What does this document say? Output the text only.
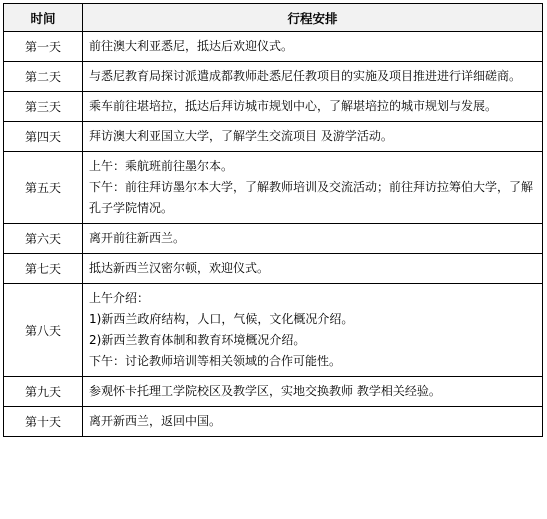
时间	行程安排
第一天	前往澳大利亚悉尼，抵达后欢迎仪式。

第二天	与悉尼教育局探讨派遣成都教师赴悉尼任教项目的实施及项目推进进行详细磋商。

第三天	乘车前往堪培拉，抵达后拜访城市规划中心，了解堪培拉的城市规划与发展。

第四天	拜访澳大利亚国立大学，了解学生交流项目 及游学活动。

第五天	上午：乘航班前往墨尔本。
下午：前往拜访墨尔本大学，了解教师培训及交流活动；前往拜访拉筹伯大学，了解孔子学院情况。

第六天	离开前往新西兰。

第七天	抵达新西兰汉密尔顿，欢迎仪式。

第八天	上午介绍：
1)新西兰政府结构，人口，气候，文化概况介绍。
2)新西兰教育体制和教育环境概况介绍。
下午：讨论教师培训等相关领域的合作可能性。

第九天	参观怀卡托理工学院校区及教学区，实地交换教师 教学相关经验。

第十天	离开新西兰，返回中国。
